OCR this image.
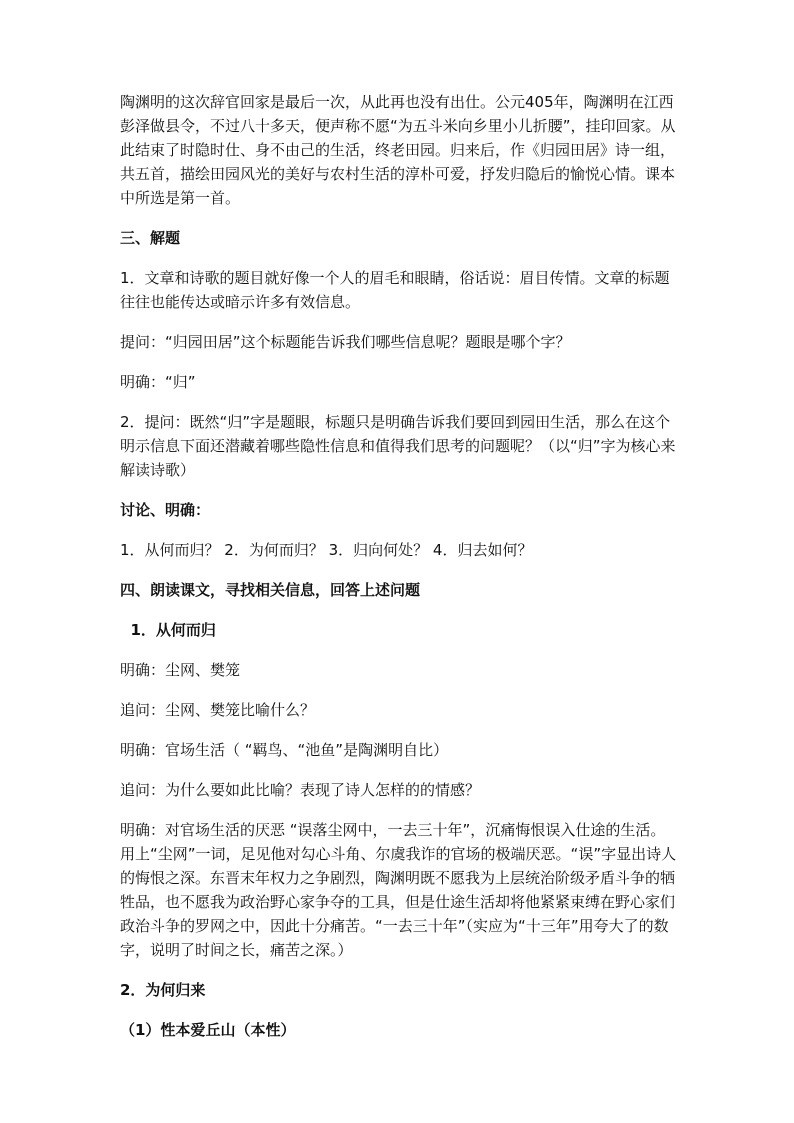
陶渊明的这次辞官回家是最后一次，从此再也没有出仕。公元405年，陶渊明在江西彭泽做县令，不过八十多天，便声称不愿“为五斗米向乡里小儿折腰”，挂印回家。从此结束了时隐时仕、身不由己的生活，终老田园。归来后，作《归园田居》诗一组，共五首，描绘田园风光的美好与农村生活的淳朴可爱，抒发归隐后的愉悦心情。课本中所选是第一首。

三、解题

1．文章和诗歌的题目就好像一个人的眉毛和眼睛，俗话说：眉目传情。文章的标题往往也能传达或暗示许多有效信息。

提问：“归园田居”这个标题能告诉我们哪些信息呢？题眼是哪个字？

明确：“归”

2．提问：既然“归”字是题眼，标题只是明确告诉我们要回到园田生活，那么在这个明示信息下面还潜藏着哪些隐性信息和值得我们思考的问题呢？（以“归”字为核心来解读诗歌）

讨论、明确：

1．从何而归？ 2．为何而归？ 3．归向何处？ 4．归去如何？

四、朗读课文，寻找相关信息，回答上述问题

1．从何而归

明确：尘网、樊笼

追问：尘网、樊笼比喻什么？

明确：官场生活（ “羁鸟、“池鱼”是陶渊明自比）

追问：为什么要如此比喻？表现了诗人怎样的的情感？

明确：对官场生活的厌恶 “误落尘网中，一去三十年”，沉痛悔恨误入仕途的生活。用上“尘网”一词，足见他对勾心斗角、尔虞我诈的官场的极端厌恶。“误”字显出诗人的悔恨之深。东晋末年权力之争剧烈，陶渊明既不愿我为上层统治阶级矛盾斗争的牺牲品，也不愿我为政治野心家争夺的工具，但是仕途生活却将他紧紧束缚在野心家们政治斗争的罗网之中，因此十分痛苦。“一去三十年”（实应为“十三年”用夸大了的数字，说明了时间之长，痛苦之深。）

2．为何归来

（1）性本爱丘山（本性）
